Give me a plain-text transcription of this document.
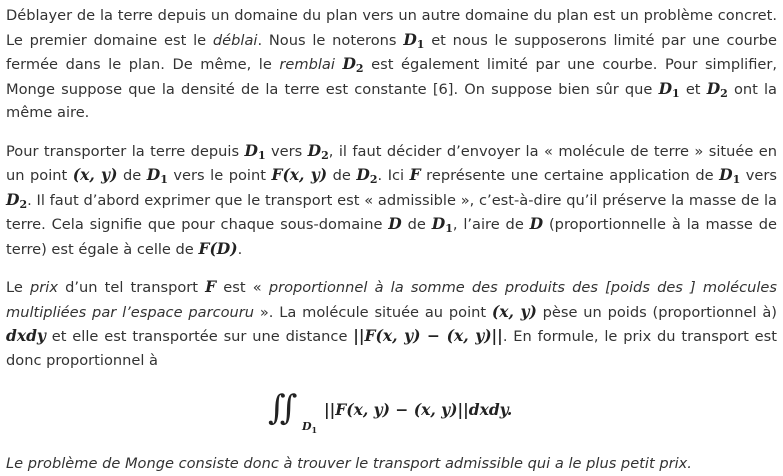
Déblayer de la terre depuis un domaine du plan vers un autre domaine du plan est un problème concret. Le premier domaine est le déblai. Nous le noterons $D_1$ et nous le supposerons limité par une courbe fermée dans le plan. De même, le remblai $D_2$ est également limité par une courbe. Pour simplifier, Monge suppose que la densité de la terre est constante [6]. On suppose bien sûr que $D_1$ et $D_2$ ont la même aire.

Pour transporter la terre depuis $D_1$ vers $D_2$, il faut décider d’envoyer la « molécule de terre » située en un point (x, y) de $D_1$ vers le point F(x, y) de $D_2$. Ici F représente une certaine application de $D_1$ vers $D_2$. Il faut d’abord exprimer que le transport est « admissible », c’est-à-dire qu’il préserve la masse de la terre. Cela signifie que pour chaque sous-domaine D de $D_1$, l’aire de D (proportionnelle à la masse de terre) est égale à celle de F(D).

Le prix d’un tel transport F est « proportionnel à la somme des produits des [poids des ] molécules multipliées par l’espace parcouru ». La molécule située au point (x, y) pèse un poids (proportionnel à) dxdy et elle est transportée sur une distance ||F(x, y) − (x, y)||. En formule, le prix du transport est donc proportionnel à

∫∫ $D_1$
||F(x, y) − (x, y)||dxdy.

Le problème de Monge consiste donc à trouver le transport admissible qui a le plus petit prix.
